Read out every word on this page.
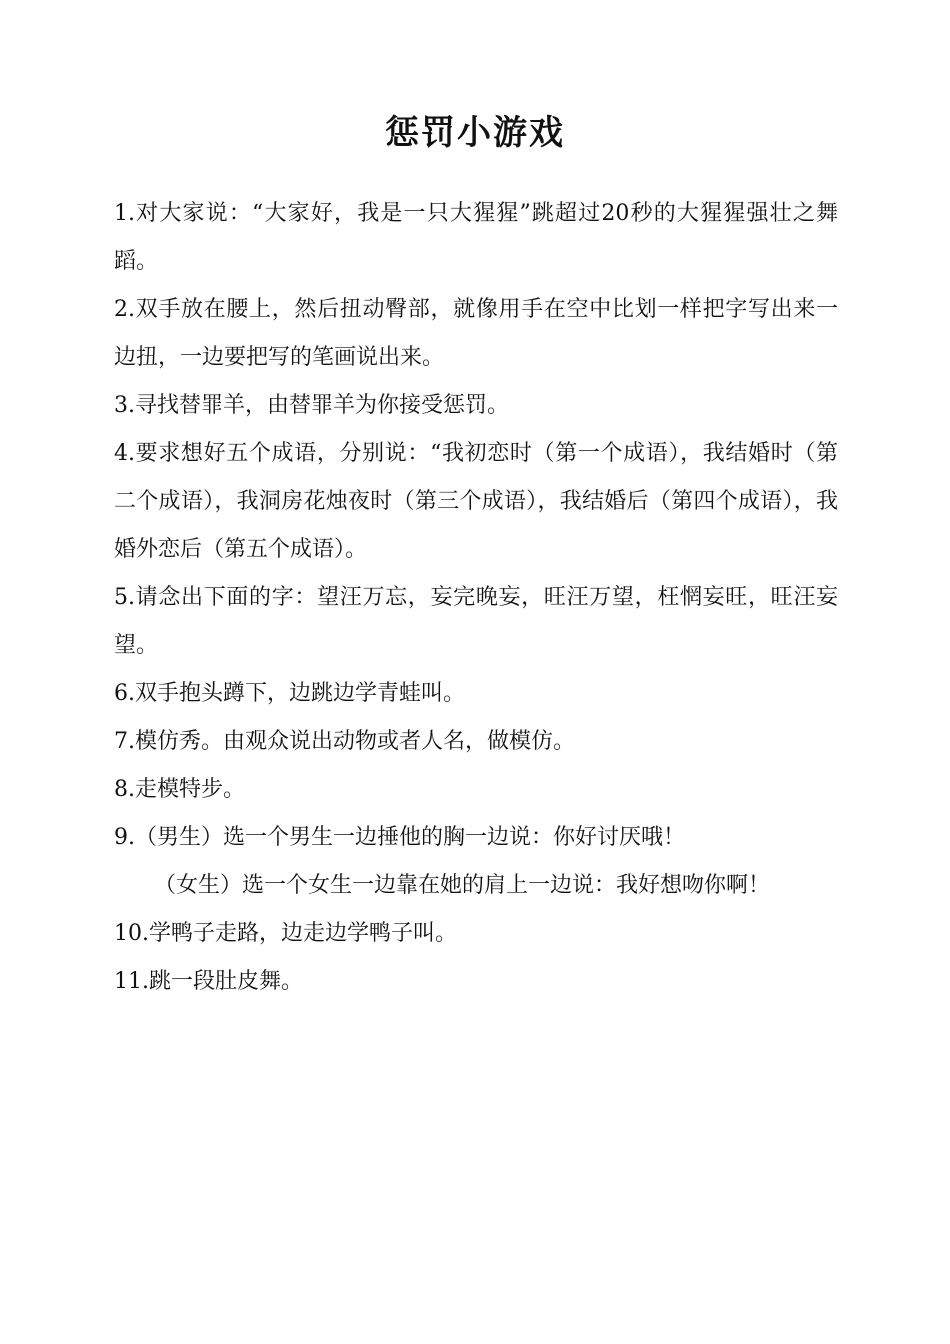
惩罚小游戏

1.对大家说：“大家好，我是一只大猩猩”跳超过20秒的大猩猩强壮之舞蹈。

2.双手放在腰上，然后扭动臀部，就像用手在空中比划一样把字写出来一边扭，一边要把写的笔画说出来。

3.寻找替罪羊，由替罪羊为你接受惩罚。

4.要求想好五个成语，分别说：“我初恋时（第一个成语），我结婚时（第二个成语），我洞房花烛夜时（第三个成语），我结婚后（第四个成语），我婚外恋后（第五个成语）。

5.请念出下面的字：望汪万忘，妄完晚妄，旺汪万望，枉惘妄旺，旺汪妄望。

6.双手抱头蹲下，边跳边学青蛙叫。

7.模仿秀。由观众说出动物或者人名，做模仿。

8.走模特步。

9.（男生）选一个男生一边捶他的胸一边说：你好讨厌哦！

（女生）选一个女生一边靠在她的肩上一边说：我好想吻你啊！

10.学鸭子走路，边走边学鸭子叫。

11.跳一段肚皮舞。
